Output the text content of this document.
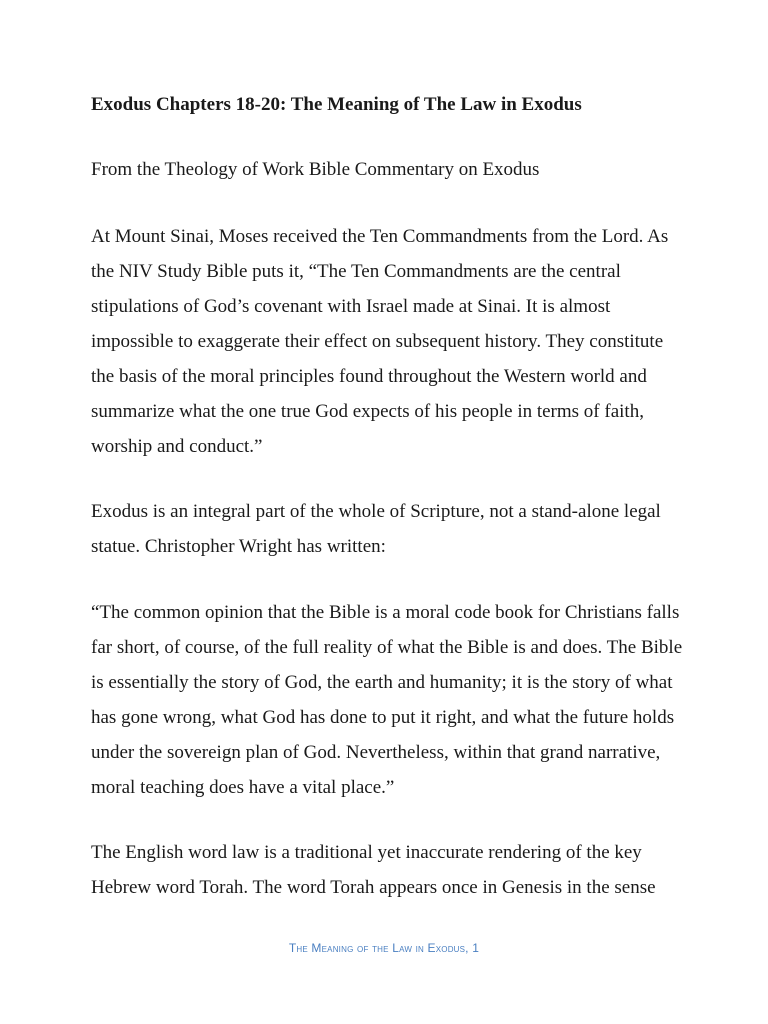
Exodus Chapters 18-20: The Meaning of The Law in Exodus

From the Theology of Work Bible Commentary on Exodus

At Mount Sinai, Moses received the Ten Commandments from the Lord. As the NIV Study Bible puts it, “The Ten Commandments are the central stipulations of God’s covenant with Israel made at Sinai. It is almost impossible to exaggerate their effect on subsequent history. They constitute the basis of the moral principles found throughout the Western world and summarize what the one true God expects of his people in terms of faith, worship and conduct.”

Exodus is an integral part of the whole of Scripture, not a stand-alone legal statue. Christopher Wright has written:

“The common opinion that the Bible is a moral code book for Christians falls far short, of course, of the full reality of what the Bible is and does. The Bible is essentially the story of God, the earth and humanity; it is the story of what has gone wrong, what God has done to put it right, and what the future holds under the sovereign plan of God. Nevertheless, within that grand narrative, moral teaching does have a vital place.”

The English word law is a traditional yet inaccurate rendering of the key Hebrew word Torah. The word Torah appears once in Genesis in the sense

The Meaning of the Law in Exodus, 1
